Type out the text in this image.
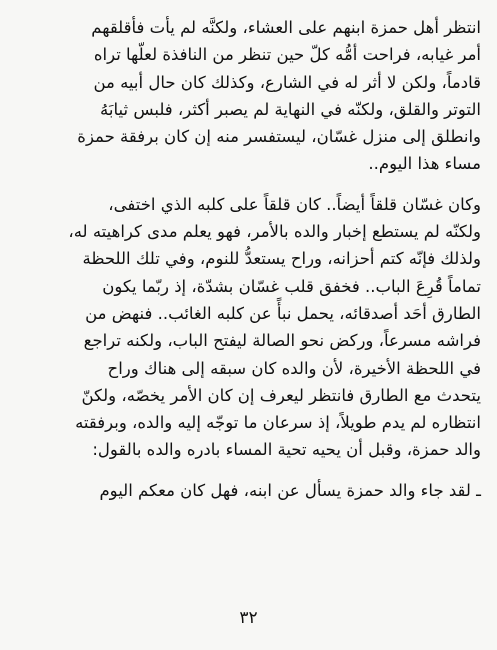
انتظر أهل حمزة ابنهم على العشاء، ولكنَّه لم يأت فأقلقهم
أمر غيابه، فراحت أمُّه كلّ حين تنظر من النافذة لعلّها تراه
قادماً، ولكن لا أثر له في الشارع، وكذلك كان حال أبيه من
التوتر والقلق، ولكنّه في النهاية لم يصبر أكثر، فلبس ثيابَهُ
وانطلق إلى منزل غسّان، ليستفسر منه إن كان برفقة حمزة
مساء هذا اليوم..

وكان غسّان قلقاً أيضاً.. كان قلقاً على كلبه الذي اختفى،
ولكنّه لم يستطع إخبار والده بالأمر، فهو يعلم مدى كراهيته له،
ولذلك فإنّه كتم أحزانه، وراح يستعدُّ للنوم، وفي تلك اللحظة
تماماً قُرِعَ الباب.. فخفق قلب غسّان بشدّة، إذ ربّما يكون
الطارق أحَد أصدقائه، يحمل نبأً عن كلبه الغائب.. فنهض من
فراشه مسرعاً، وركض نحو الصالة ليفتح الباب، ولكنه تراجع
في اللحظة الأخيرة، لأن والده كان سبقه إلى هناك وراح
يتحدث مع الطارق فانتظر ليعرف إن كان الأمر يخصّه، ولكنّ
انتظاره لم يدم طويلاً، إذ سرعان ما توجّه إليه والده، وبرفقته
والد حمزة، وقبل أن يحيه تحية المساء بادره والده بالقول:

ـ لقد جاء والد حمزة يسأل عن ابنه، فهل كان معكم اليوم

٣٢
